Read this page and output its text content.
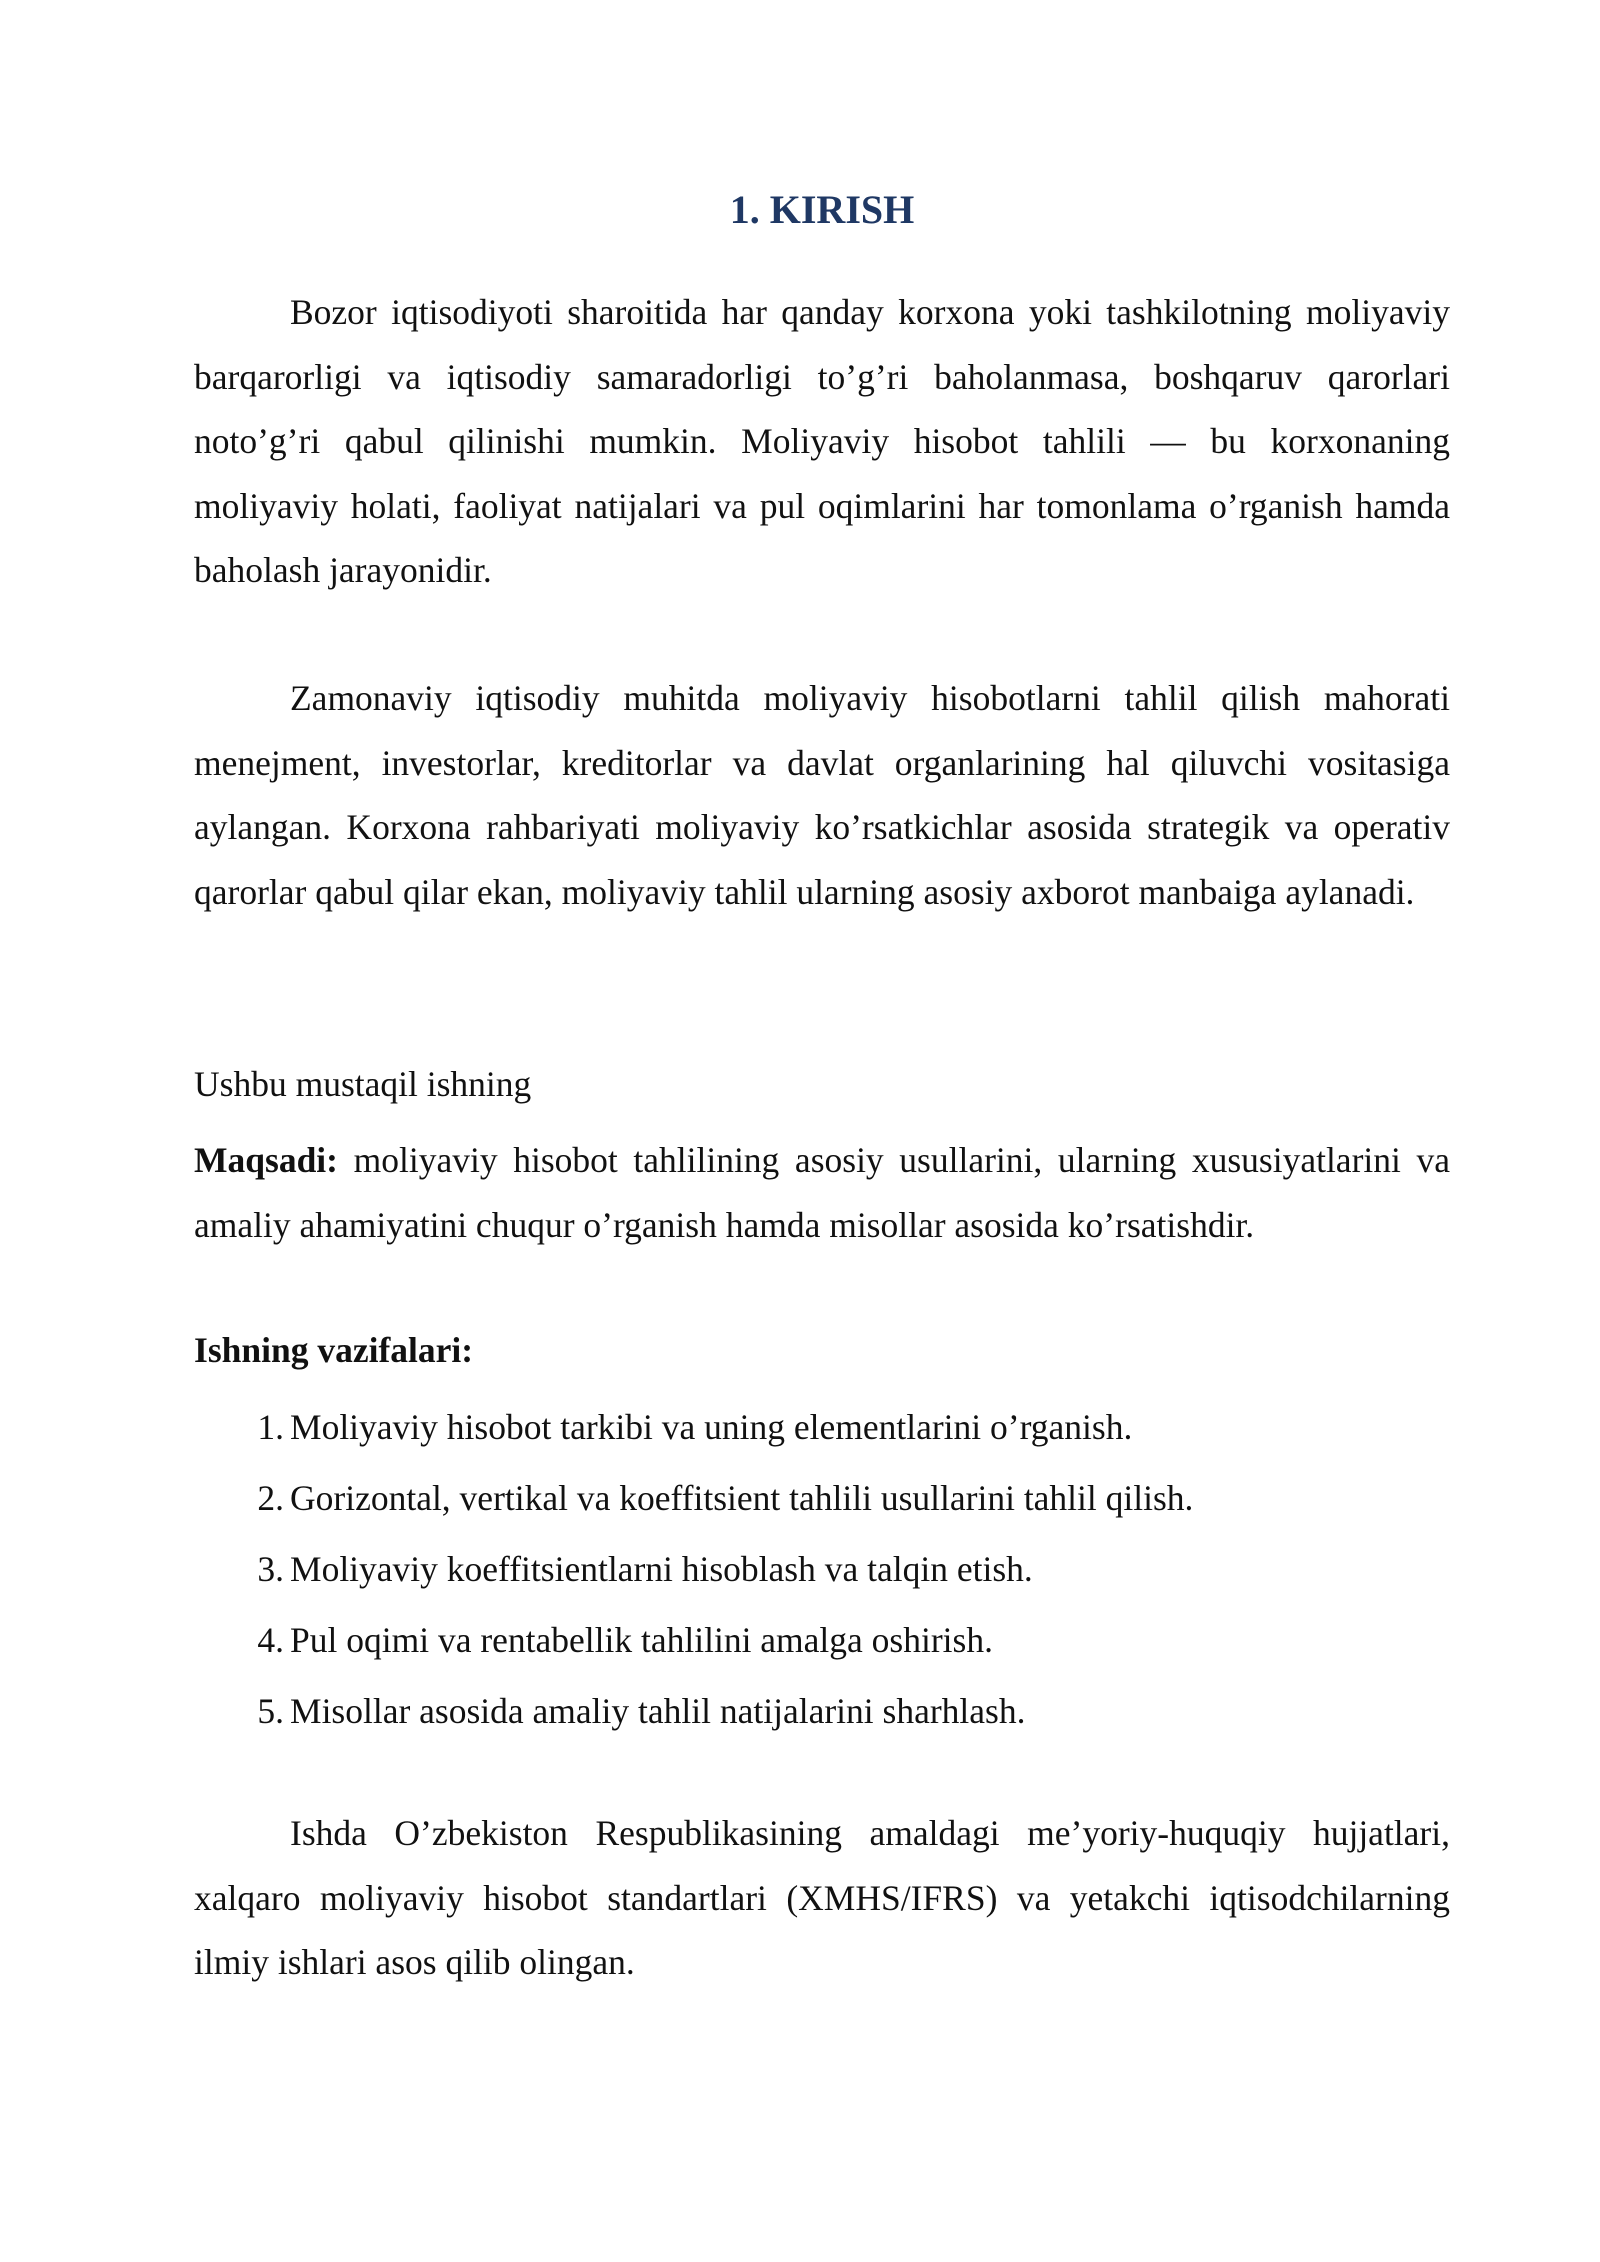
1. KIRISH

Bozor iqtisodiyoti sharoitida har qanday korxona yoki tashkilotning moliyaviy barqarorligi va iqtisodiy samaradorligi to’g’ri baholanmasa, boshqaruv qarorlari noto’g’ri qabul qilinishi mumkin. Moliyaviy hisobot tahlili — bu korxonaning moliyaviy holati, faoliyat natijalari va pul oqimlarini har tomonlama o’rganish hamda baholash jarayonidir.

Zamonaviy iqtisodiy muhitda moliyaviy hisobotlarni tahlil qilish mahorati menejment, investorlar, kreditorlar va davlat organlarining hal qiluvchi vositasiga aylangan. Korxona rahbariyati moliyaviy ko’rsatkichlar asosida strategik va operativ qarorlar qabul qilar ekan, moliyaviy tahlil ularning asosiy axborot manbaiga aylanadi.

Ushbu mustaqil ishning

Maqsadi: moliyaviy hisobot tahlilining asosiy usullarini, ularning xususiyatlarini va amaliy ahamiyatini chuqur o’rganish hamda misollar asosida ko’rsatishdir.

Ishning vazifalari:

1. Moliyaviy hisobot tarkibi va uning elementlarini o’rganish.
2. Gorizontal, vertikal va koeffitsient tahlili usullarini tahlil qilish.
3. Moliyaviy koeffitsientlarni hisoblash va talqin etish.
4. Pul oqimi va rentabellik tahlilini amalga oshirish.
5. Misollar asosida amaliy tahlil natijalarini sharhlash.

Ishda O’zbekiston Respublikasining amaldagi me’yoriy-huquqiy hujjatlari, xalqaro moliyaviy hisobot standartlari (XMHS/IFRS) va yetakchi iqtisodchilarning ilmiy ishlari asos qilib olingan.
